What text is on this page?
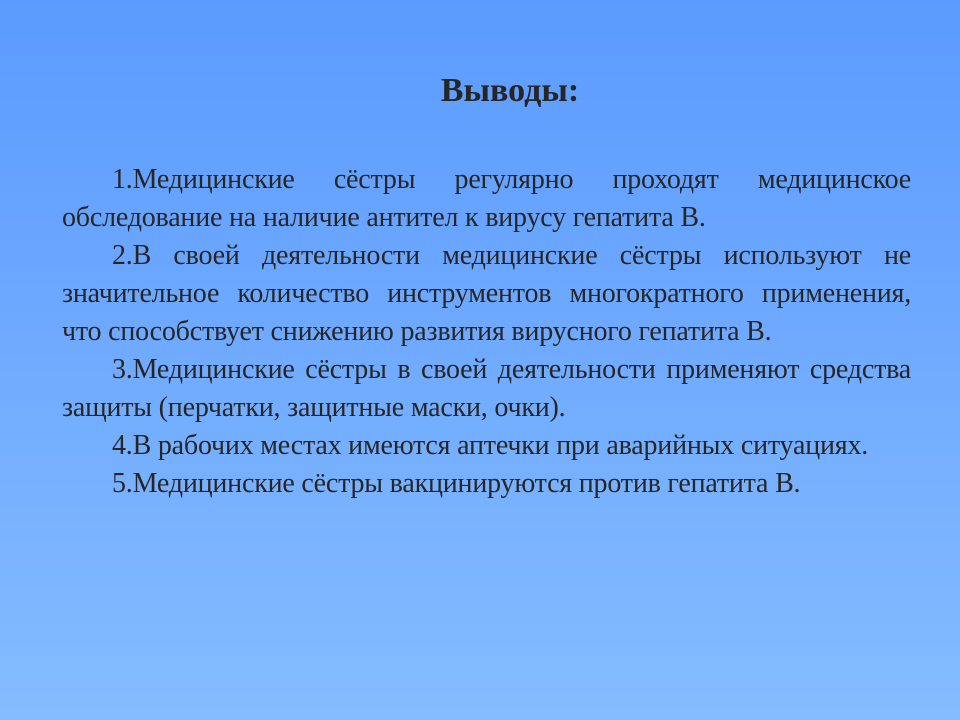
Выводы:

1.Медицинские сёстры регулярно проходят медицинское обследование на наличие антител к вирусу гепатита В.

2.В своей деятельности медицинские сёстры используют не значительное количество инструментов многократного применения, что способствует снижению развития вирусного гепатита В.

3.Медицинские сёстры в своей деятельности применяют средства защиты (перчатки, защитные маски, очки).

4.В рабочих местах имеются аптечки при аварийных ситуациях.

5.Медицинские сёстры вакцинируются против гепатита В.
